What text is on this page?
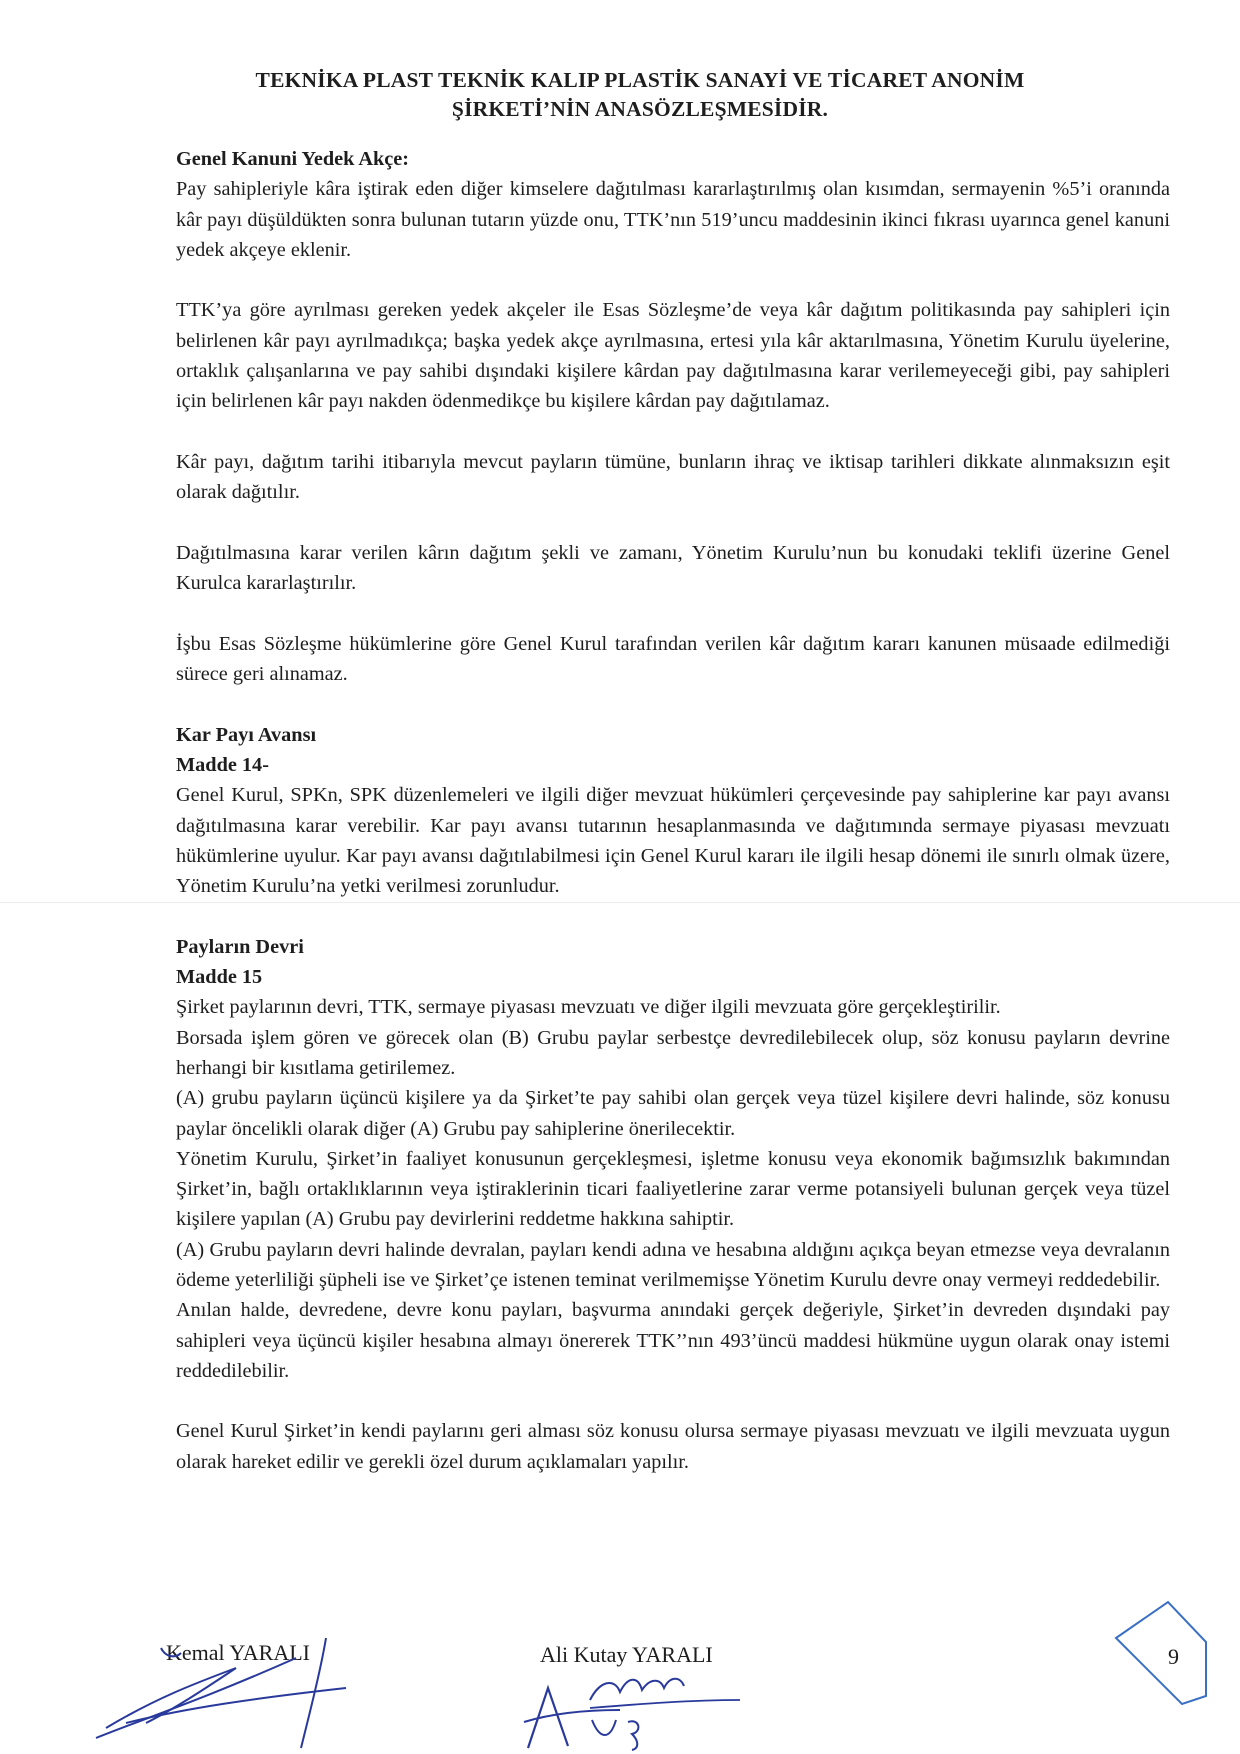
TEKNİKA PLAST TEKNİK KALIP PLASTİK SANAYİ VE TİCARET ANONİM
ŞİRKETİ’NİN ANASÖZLEŞMESİDİR.
Genel Kanuni Yedek Akçe:

Pay sahipleriyle kâra iştirak eden diğer kimselere dağıtılması kararlaştırılmış olan kısımdan, sermayenin %5’i oranında kâr payı düşüldükten sonra bulunan tutarın yüzde onu, TTK’nın 519’uncu maddesinin ikinci fıkrası uyarınca genel kanuni yedek akçeye eklenir.

TTK’ya göre ayrılması gereken yedek akçeler ile Esas Sözleşme’de veya kâr dağıtım politikasında pay sahipleri için belirlenen kâr payı ayrılmadıkça; başka yedek akçe ayrılmasına, ertesi yıla kâr aktarılmasına, Yönetim Kurulu üyelerine, ortaklık çalışanlarına ve pay sahibi dışındaki kişilere kârdan pay dağıtılmasına karar verilemeyeceği gibi, pay sahipleri için belirlenen kâr payı nakden ödenmedikçe bu kişilere kârdan pay dağıtılamaz.

Kâr payı, dağıtım tarihi itibarıyla mevcut payların tümüne, bunların ihraç ve iktisap tarihleri dikkate alınmaksızın eşit olarak dağıtılır.

Dağıtılmasına karar verilen kârın dağıtım şekli ve zamanı, Yönetim Kurulu’nun bu konudaki teklifi üzerine Genel Kurulca kararlaştırılır.

İşbu Esas Sözleşme hükümlerine göre Genel Kurul tarafından verilen kâr dağıtım kararı kanunen müsaade edilmediği sürece geri alınamaz.

Kar Payı Avansı
Madde 14-

Genel Kurul, SPKn, SPK düzenlemeleri ve ilgili diğer mevzuat hükümleri çerçevesinde pay sahiplerine kar payı avansı dağıtılmasına karar verebilir. Kar payı avansı tutarının hesaplanmasında ve dağıtımında sermaye piyasası mevzuatı hükümlerine uyulur. Kar payı avansı dağıtılabilmesi için Genel Kurul kararı ile ilgili hesap dönemi ile sınırlı olmak üzere, Yönetim Kurulu’na yetki verilmesi zorunludur.

Payların Devri
Madde 15

Şirket paylarının devri, TTK, sermaye piyasası mevzuatı ve diğer ilgili mevzuata göre gerçekleştirilir.

Borsada işlem gören ve görecek olan (B) Grubu paylar serbestçe devredilebilecek olup, söz konusu payların devrine herhangi bir kısıtlama getirilemez.

(A) grubu payların üçüncü kişilere ya da Şirket’te pay sahibi olan gerçek veya tüzel kişilere devri halinde, söz konusu paylar öncelikli olarak diğer (A) Grubu pay sahiplerine önerilecektir.

Yönetim Kurulu, Şirket’in faaliyet konusunun gerçekleşmesi, işletme konusu veya ekonomik bağımsızlık bakımından Şirket’in, bağlı ortaklıklarının veya iştiraklerinin ticari faaliyetlerine zarar verme potansiyeli bulunan gerçek veya tüzel kişilere yapılan (A) Grubu pay devirlerini reddetme hakkına sahiptir.

(A) Grubu payların devri halinde devralan, payları kendi adına ve hesabına aldığını açıkça beyan etmezse veya devralanın ödeme yeterliliği şüpheli ise ve Şirket’çe istenen teminat verilmemişse Yönetim Kurulu devre onay vermeyi reddedebilir.

Anılan halde, devredene, devre konu payları, başvurma anındaki gerçek değeriyle, Şirket’in devreden dışındaki pay sahipleri veya üçüncü kişiler hesabına almayı önererek TTK’’nın 493’üncü maddesi hükmüne uygun olarak onay istemi reddedilebilir.

Genel Kurul Şirket’in kendi paylarını geri alması söz konusu olursa sermaye piyasası mevzuatı ve ilgili mevzuata uygun olarak hareket edilir ve gerekli özel durum açıklamaları yapılır.

Kemal YARALI	Ali Kutay YARALI	9
